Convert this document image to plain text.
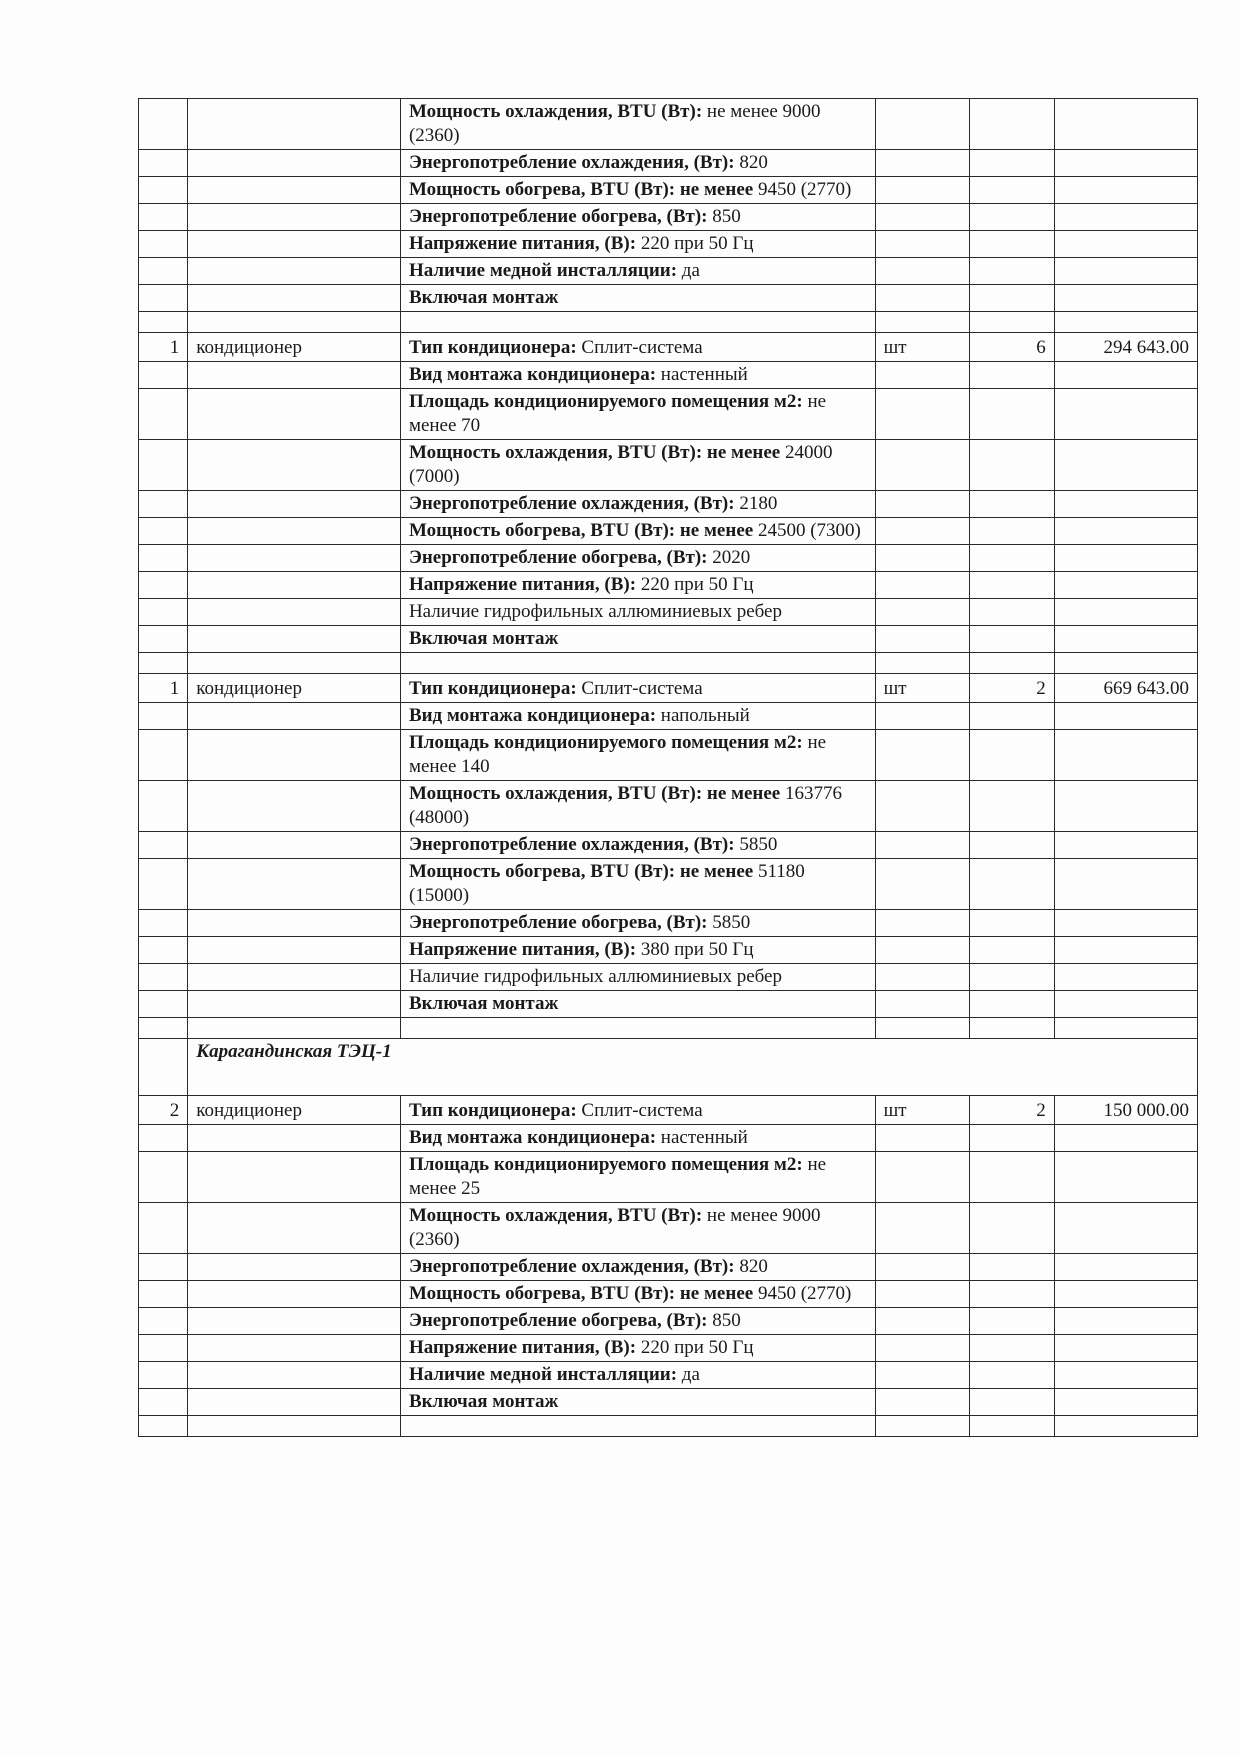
		Мощность охлаждения, BTU (Вт): не менее 9000 (2360)			
		Энергопотребление охлаждения, (Вт): 820			
		Мощность обогрева, BTU (Вт): не менее 9450 (2770)			
		Энергопотребление обогрева, (Вт): 850			
		Напряжение питания, (В): 220 при 50 Гц			
		Наличие медной инсталляции: да			
		Включая монтаж			

1	кондиционер	Тип кондиционера: Сплит-система	шт	6	294 643.00
		Вид монтажа кондиционера: настенный			
		Площадь кондиционируемого помещения м2: не менее 70			
		Мощность охлаждения, BTU (Вт): не менее 24000 (7000)			
		Энергопотребление охлаждения, (Вт): 2180			
		Мощность обогрева, BTU (Вт): не менее 24500 (7300)			
		Энергопотребление обогрева, (Вт): 2020			
		Напряжение питания, (В): 220 при 50 Гц			
		Наличие гидрофильных аллюминиевых ребер			
		Включая монтаж			

1	кондиционер	Тип кондиционера: Сплит-система	шт	2	669 643.00
		Вид монтажа кондиционера: напольный			
		Площадь кондиционируемого помещения м2: не менее 140			
		Мощность охлаждения, BTU (Вт): не менее 163776 (48000)			
		Энергопотребление охлаждения, (Вт): 5850			
		Мощность обогрева, BTU (Вт): не менее 51180 (15000)			
		Энергопотребление обогрева, (Вт): 5850			
		Напряжение питания, (В): 380 при 50 Гц			
		Наличие гидрофильных аллюминиевых ребер			
		Включая монтаж			

	Карагандинская ТЭЦ-1				
2	кондиционер	Тип кондиционера: Сплит-система	шт	2	150 000.00
		Вид монтажа кондиционера: настенный			
		Площадь кондиционируемого помещения м2: не менее 25			
		Мощность охлаждения, BTU (Вт): не менее 9000 (2360)			
		Энергопотребление охлаждения, (Вт): 820			
		Мощность обогрева, BTU (Вт): не менее 9450 (2770)			
		Энергопотребление обогрева, (Вт): 850			
		Напряжение питания, (В): 220 при 50 Гц			
		Наличие медной инсталляции: да			
		Включая монтаж			
